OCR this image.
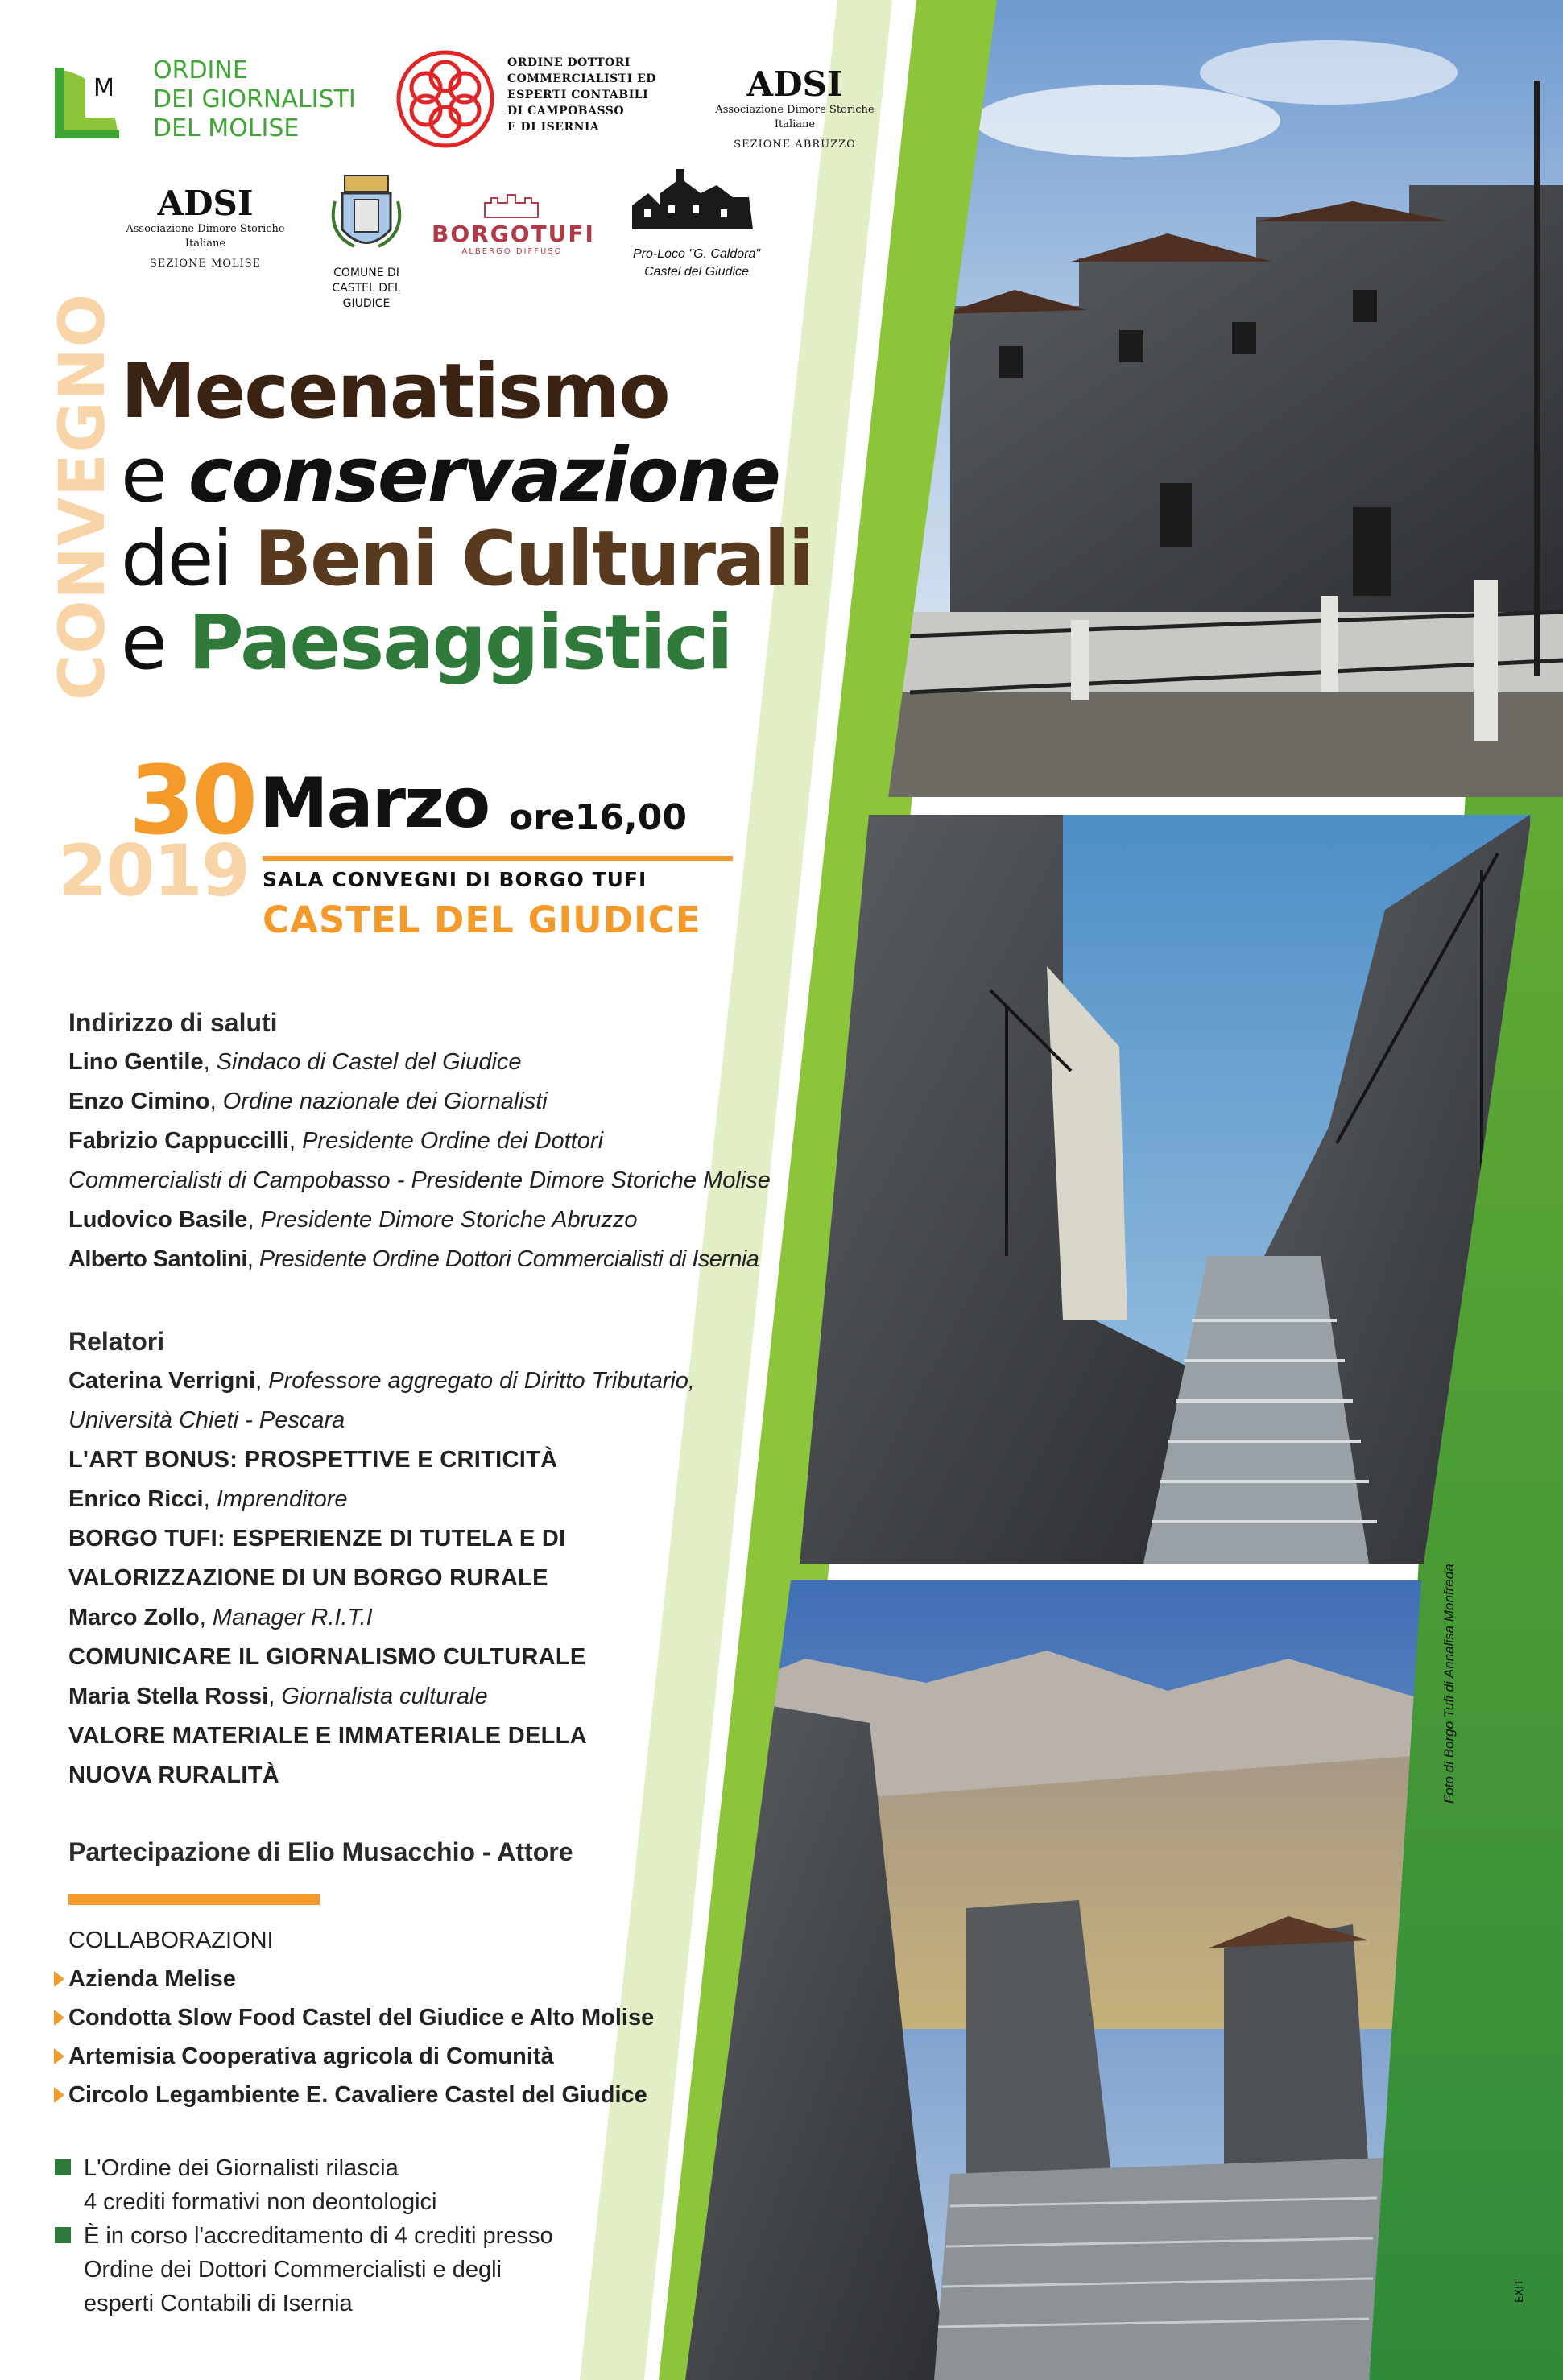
Foto di Borgo Tufi di Annalisa Monfreda
EXIT
M
ORDINE
DEI GIORNALISTI
DEL MOLISE
ORDINE DOTTORI
COMMERCIALISTI ED
ESPERTI CONTABILI
DI CAMPOBASSO
E DI ISERNIA
ADSI
Associazione Dimore Storiche Italiane
SEZIONE ABRUZZO
ADSI
Associazione Dimore Storiche Italiane
SEZIONE MOLISE
COMUNE DI
CASTEL DEL
GIUDICE
BORGOTUFI
ALBERGO DIFFUSO	Pro-Loco "G. Caldora"
Castel del Giudice
CONVEGNO Mecenatismo
e conservazione
dei Beni Culturali
e Paesaggistici
2019
30 Marzo ore16,00
SALA CONVEGNI DI BORGO TUFI
CASTEL DEL GIUDICE
Indirizzo di saluti
Lino Gentile, Sindaco di Castel del Giudice
Enzo Cimino, Ordine nazionale dei Giornalisti
Fabrizio Cappuccilli, Presidente Ordine dei Dottori
Commercialisti di Campobasso - Presidente Dimore Storiche Molise
Ludovico Basile, Presidente Dimore Storiche Abruzzo
Alberto Santolini, Presidente Ordine Dottori Commercialisti di Isernia
Relatori
Caterina Verrigni, Professore aggregato di Diritto Tributario,
Università Chieti - Pescara
L'ART BONUS: PROSPETTIVE E CRITICITÀ
Enrico Ricci, Imprenditore
BORGO TUFI: ESPERIENZE DI TUTELA E DI
VALORIZZAZIONE DI UN BORGO RURALE
Marco Zollo, Manager R.I.T.I
COMUNICARE IL GIORNALISMO CULTURALE
Maria Stella Rossi, Giornalista culturale
VALORE MATERIALE E IMMATERIALE DELLA
NUOVA RURALITÀ
Partecipazione di Elio Musacchio - Attore
COLLABORAZIONI
Azienda Melise
Condotta Slow Food Castel del Giudice e Alto Molise
Artemisia Cooperativa agricola di Comunità
Circolo Legambiente E. Cavaliere Castel del Giudice
L'Ordine dei Giornalisti rilascia
4 crediti formativi non deontologici
È in corso l'accreditamento di 4 crediti presso
Ordine dei Dottori Commercialisti e degli
esperti Contabili di Isernia
